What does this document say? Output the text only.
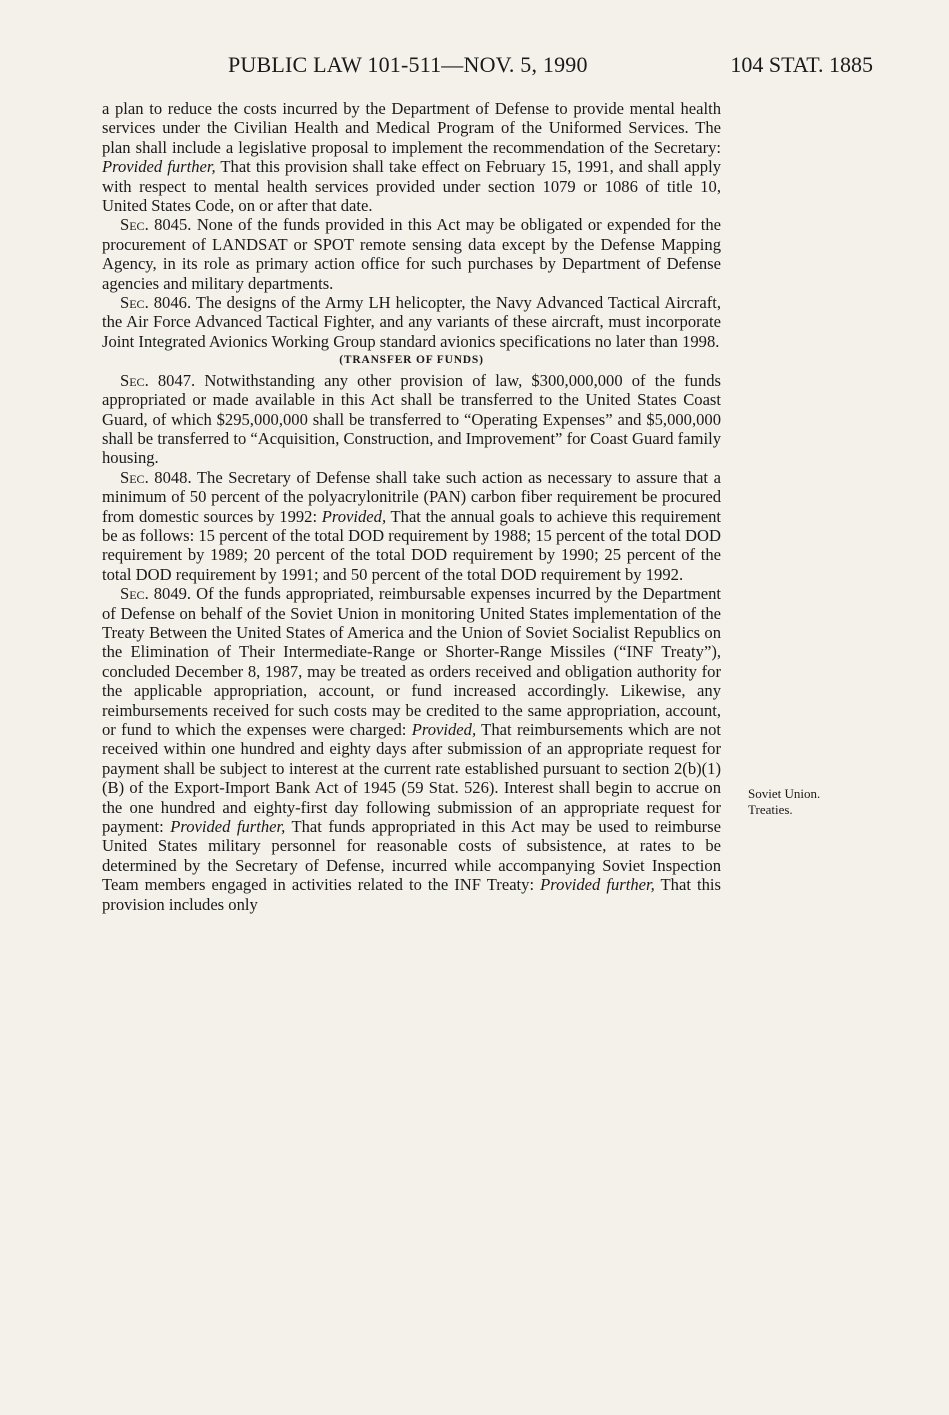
PUBLIC LAW 101-511—NOV. 5, 1990	104 STAT. 1885

a plan to reduce the costs incurred by the Department of Defense to provide mental health services under the Civilian Health and Medical Program of the Uniformed Services. The plan shall include a legislative proposal to implement the recommendation of the Secretary: Provided further, That this provision shall take effect on February 15, 1991, and shall apply with respect to mental health services provided under section 1079 or 1086 of title 10, United States Code, on or after that date.

Sec. 8045. None of the funds provided in this Act may be obligated or expended for the procurement of LANDSAT or SPOT remote sensing data except by the Defense Mapping Agency, in its role as primary action office for such purchases by Department of Defense agencies and military departments.

Sec. 8046. The designs of the Army LH helicopter, the Navy Advanced Tactical Aircraft, the Air Force Advanced Tactical Fighter, and any variants of these aircraft, must incorporate Joint Integrated Avionics Working Group standard avionics specifications no later than 1998.

(TRANSFER OF FUNDS)

Sec. 8047. Notwithstanding any other provision of law, $300,000,000 of the funds appropriated or made available in this Act shall be transferred to the United States Coast Guard, of which $295,000,000 shall be transferred to “Operating Expenses” and $5,000,000 shall be transferred to “Acquisition, Construction, and Improvement” for Coast Guard family housing.

Sec. 8048. The Secretary of Defense shall take such action as necessary to assure that a minimum of 50 percent of the polyacrylonitrile (PAN) carbon fiber requirement be procured from domestic sources by 1992: Provided, That the annual goals to achieve this requirement be as follows: 15 percent of the total DOD requirement by 1988; 15 percent of the total DOD requirement by 1989; 20 percent of the total DOD requirement by 1990; 25 percent of the total DOD requirement by 1991; and 50 percent of the total DOD requirement by 1992.

Sec. 8049. Of the funds appropriated, reimbursable expenses incurred by the Department of Defense on behalf of the Soviet Union in monitoring United States implementation of the Treaty Between the United States of America and the Union of Soviet Socialist Republics on the Elimination of Their Intermediate-Range or Shorter-Range Missiles (“INF Treaty”), concluded December 8, 1987, may be treated as orders received and obligation authority for the applicable appropriation, account, or fund increased accordingly. Likewise, any reimbursements received for such costs may be credited to the same appropriation, account, or fund to which the expenses were charged: Provided, That reimbursements which are not received within one hundred and eighty days after submission of an appropriate request for payment shall be subject to interest at the current rate established pursuant to section 2(b)(1)(B) of the Export-Import Bank Act of 1945 (59 Stat. 526). Interest shall begin to accrue on the one hundred and eighty-first day following submission of an appropriate request for payment: Provided further, That funds appropriated in this Act may be used to reimburse United States military personnel for reasonable costs of subsistence, at rates to be determined by the Secretary of Defense, incurred while accompanying Soviet Inspection Team members engaged in activities related to the INF Treaty: Provided further, That this provision includes only

Soviet Union.
Treaties.
